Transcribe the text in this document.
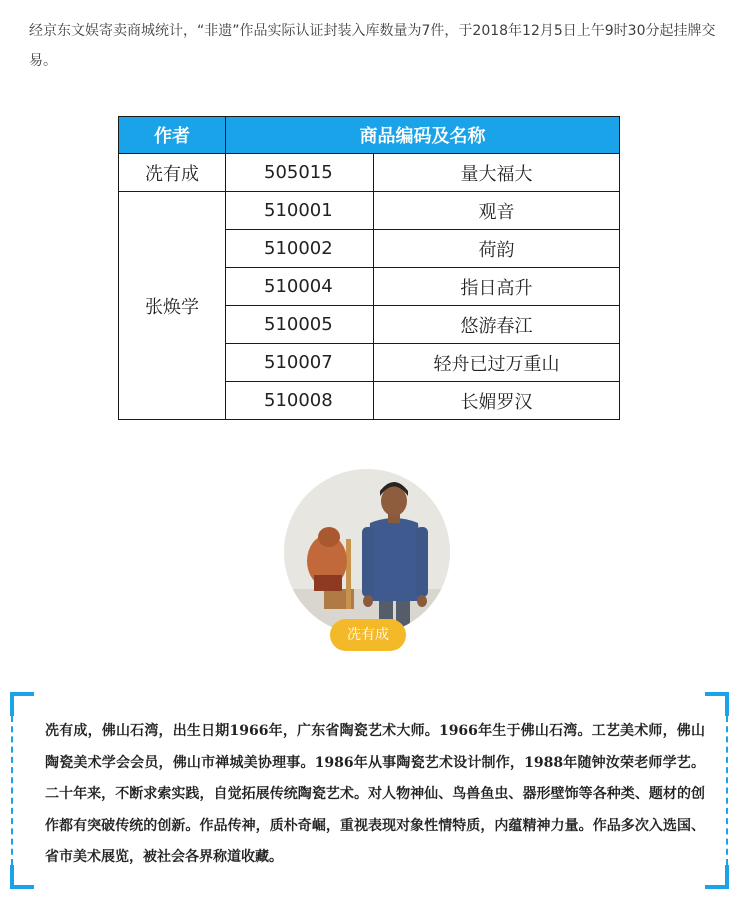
经京东文娱寄卖商城统计，“非遗”作品实际认证封装入库数量为7件，于2018年12月5日上午9时30分起挂牌交易。

作者	商品编码及名称	
冼有成	505015	量大福大
张焕学	510001	观音
	510002	荷韵
	510004	指日高升
	510005	悠游春江
	510007	轻舟已过万重山
	510008	长媚罗汉
冼有成

冼有成，佛山石湾，出生日期1966年，广东省陶瓷艺术大师。1966年生于佛山石湾。工艺美术师，佛山陶瓷美术学会会员，佛山市禅城美协理事。1986年从事陶瓷艺术设计制作，1988年随钟汝荣老师学艺。二十年来，不断求索实践，自觉拓展传统陶瓷艺术。对人物神仙、鸟兽鱼虫、器形壁饰等各种类、题材的创作都有突破传统的创新。作品传神，质朴奇崛，重视表现对象性情特质，内蕴精神力量。作品多次入选国、省市美术展览，被社会各界称道收藏。
